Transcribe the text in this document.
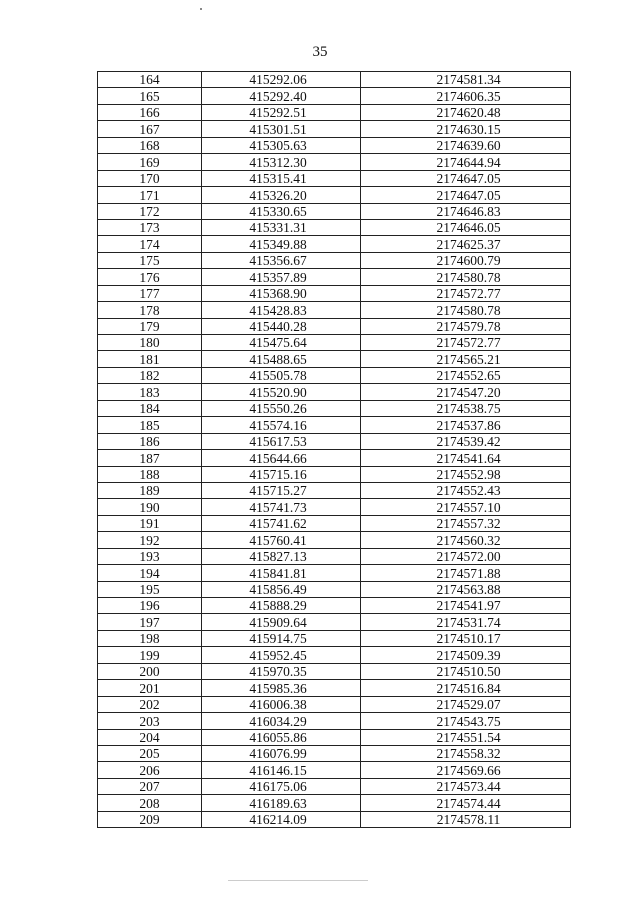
35
164	415292.06	2174581.34
165	415292.40	2174606.35
166	415292.51	2174620.48
167	415301.51	2174630.15
168	415305.63	2174639.60
169	415312.30	2174644.94
170	415315.41	2174647.05
171	415326.20	2174647.05
172	415330.65	2174646.83
173	415331.31	2174646.05
174	415349.88	2174625.37
175	415356.67	2174600.79
176	415357.89	2174580.78
177	415368.90	2174572.77
178	415428.83	2174580.78
179	415440.28	2174579.78
180	415475.64	2174572.77
181	415488.65	2174565.21
182	415505.78	2174552.65
183	415520.90	2174547.20
184	415550.26	2174538.75
185	415574.16	2174537.86
186	415617.53	2174539.42
187	415644.66	2174541.64
188	415715.16	2174552.98
189	415715.27	2174552.43
190	415741.73	2174557.10
191	415741.62	2174557.32
192	415760.41	2174560.32
193	415827.13	2174572.00
194	415841.81	2174571.88
195	415856.49	2174563.88
196	415888.29	2174541.97
197	415909.64	2174531.74
198	415914.75	2174510.17
199	415952.45	2174509.39
200	415970.35	2174510.50
201	415985.36	2174516.84
202	416006.38	2174529.07
203	416034.29	2174543.75
204	416055.86	2174551.54
205	416076.99	2174558.32
206	416146.15	2174569.66
207	416175.06	2174573.44
208	416189.63	2174574.44
209	416214.09	2174578.11
